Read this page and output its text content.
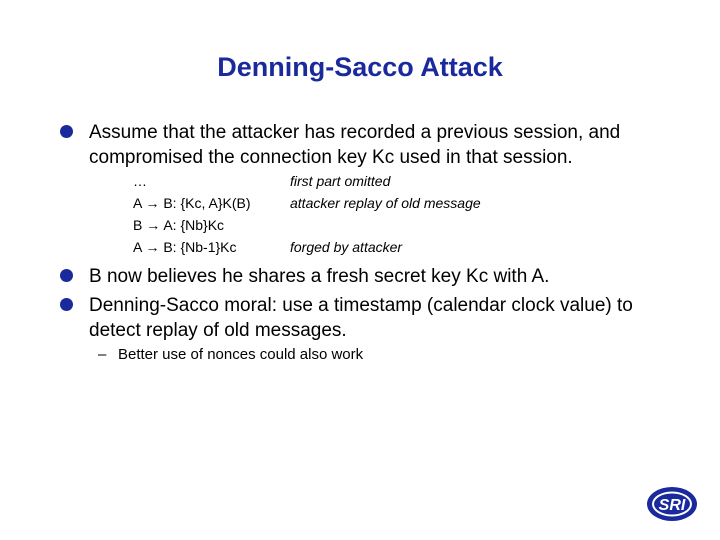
Denning-Sacco Attack
Assume that the attacker has recorded a previous session, and compromised the connection key Kc used in that session.
…	first part omitted
A → B: {Kc, A}K(B)	attacker replay of old message
B → A: {Nb}Kc
A → B: {Nb-1}Kc	forged by attacker
B now believes he shares a fresh secret key Kc with A.
Denning-Sacco moral: use a timestamp (calendar clock value) to detect replay of old messages.
– Better use of nonces could also work
SRI
